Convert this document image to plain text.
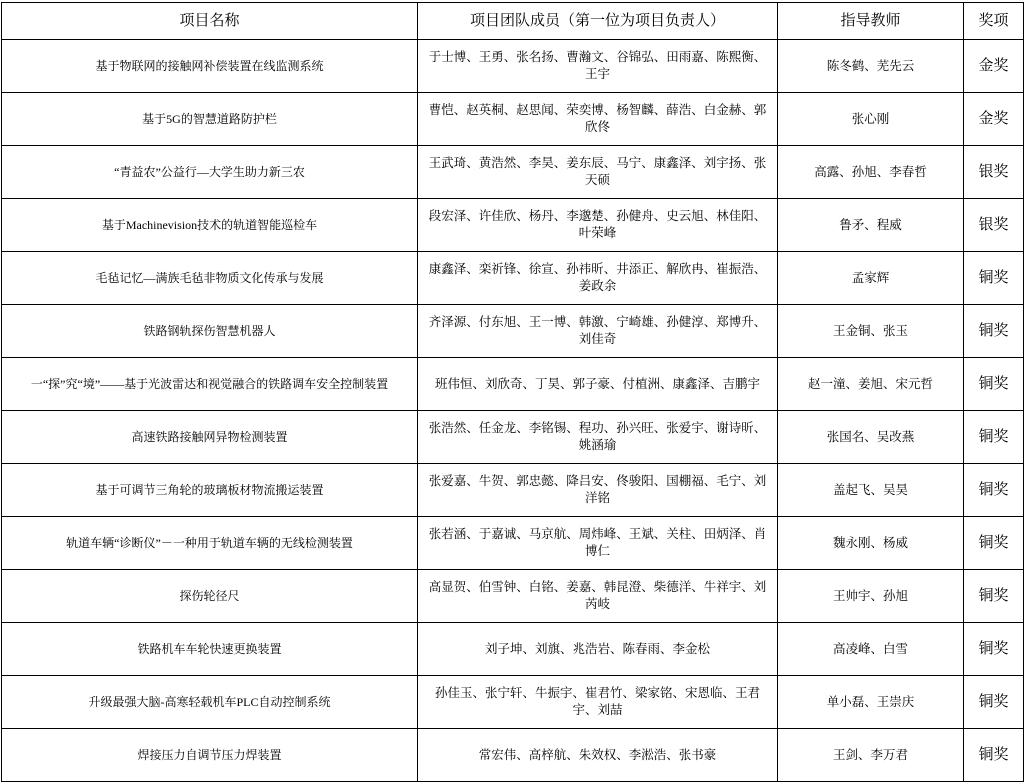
项目名称	项目团队成员（第一位为项目负责人）	指导教师	奖项
基于物联网的接触网补偿装置在线监测系统	于士博、王勇、张名扬、曹瀚文、谷锦弘、田雨嘉、陈熙衡、王宇	陈冬鹤、芜先云	金奖
基于5G的智慧道路防护栏	曹恺、赵英桐、赵思闻、荣奕博、杨智麟、薛浩、白金赫、郭欣佟	张心刚	金奖
“青益农”公益行—大学生助力新三农	王武琦、黄浩然、李昊、姜东辰、马宁、康鑫泽、刘宇扬、张天硕	高露、孙旭、李春哲	银奖
基于Machinevision技术的轨道智能巡检车	段宏泽、许佳欣、杨丹、李邈楚、孙健舟、史云旭、林佳阳、叶荣峰	鲁矛、程威	银奖
毛毡记忆—满族毛毡非物质文化传承与发展	康鑫泽、栾祈锋、徐宣、孙祎昕、井添正、解欣冉、崔振浩、姜政余	孟家辉	铜奖
铁路钢轨探伤智慧机器人	齐泽源、付东旭、王一博、韩激、宁崎雄、孙健淳、郑博升、刘佳奇	王金铜、张玉	铜奖
一“探”究“境”——基于光波雷达和视觉融合的铁路调车安全控制装置	班伟恒、刘欣奇、丁昊、郭子豪、付植洲、康鑫泽、吉鹏宇	赵一潼、姜旭、宋元哲	铜奖
高速铁路接触网异物检测装置	张浩然、任金龙、李铭锡、程功、孙兴旺、张爱宇、谢诗昕、姚涵瑜	张国名、吴改燕	铜奖
基于可调节三角轮的玻璃板材物流搬运装置	张爱嘉、牛贺、郭忠懿、降吕安、佟骏阳、国棚福、毛宁、刘洋铭	盖起飞、吴昊	铜奖
轨道车辆“诊断仪”－一种用于轨道车辆的无线检测装置	张若涵、于嘉诚、马京航、周炜峰、王斌、关柱、田炳泽、肖博仁	魏永刚、杨威	铜奖
探伤轮径尺	高显贺、伯雪钟、白铭、姜嘉、韩昆澄、柴德洋、牛祥宇、刘芮岐	王帅宇、孙旭	铜奖
铁路机车车轮快速更换装置	刘子坤、刘旗、兆浩岩、陈春雨、李金松	高凌峰、白雪	铜奖
升级最强大脑-高寒轻载机车PLC自动控制系统	孙佳玉、张宁轩、牛振宇、崔君竹、梁家铭、宋恩临、王君宇、刘喆	单小磊、王崇庆	铜奖
焊接压力自调节压力焊装置	常宏伟、高梓航、朱效权、李淞浩、张书豪	王剑、李万君	铜奖
